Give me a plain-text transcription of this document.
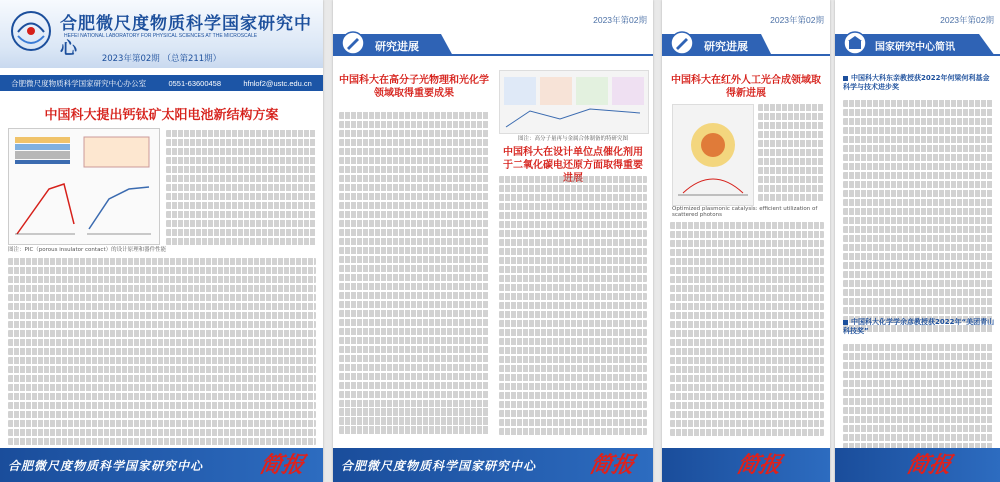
合肥微尺度物质科学国家研究中心
HEFEI NATIONAL LABORATORY FOR PHYSICAL SCIENCES AT THE MICROSCALE
2023年第02期 （总第211期）
合肥微尺度物质科学国家研究中心办公室	0551-63600458	hfnlof2@ustc.edu.cn
中国科大提出钙钛矿太阳电池新结构方案
图注：PIC（porous insulator contact）的设计原理和器件性能
合肥微尺度物质科学国家研究中心	简报
2023年第02期
研究进展
中国科大在高分子光物理和光化学领域取得重要成果
图注：高分子量再与金属合体制备的特研究图
中国科大在设计单位点催化剂用于二氧化碳电还原方面取得重要进展
合肥微尺度物质科学国家研究中心	简报
2023年第02期
研究进展
中国科大在红外人工光合成领域取得新进展
Optimized plasmonic catalysis: efficient utilization of scattered photons
简报
2023年第02期
国家研究中心简讯
中国科大科东亲教授获2022年何梁何利基金科学与技术进步奖
中国科大化学学余彦教授获2022年“美团青山科技奖”
简报
